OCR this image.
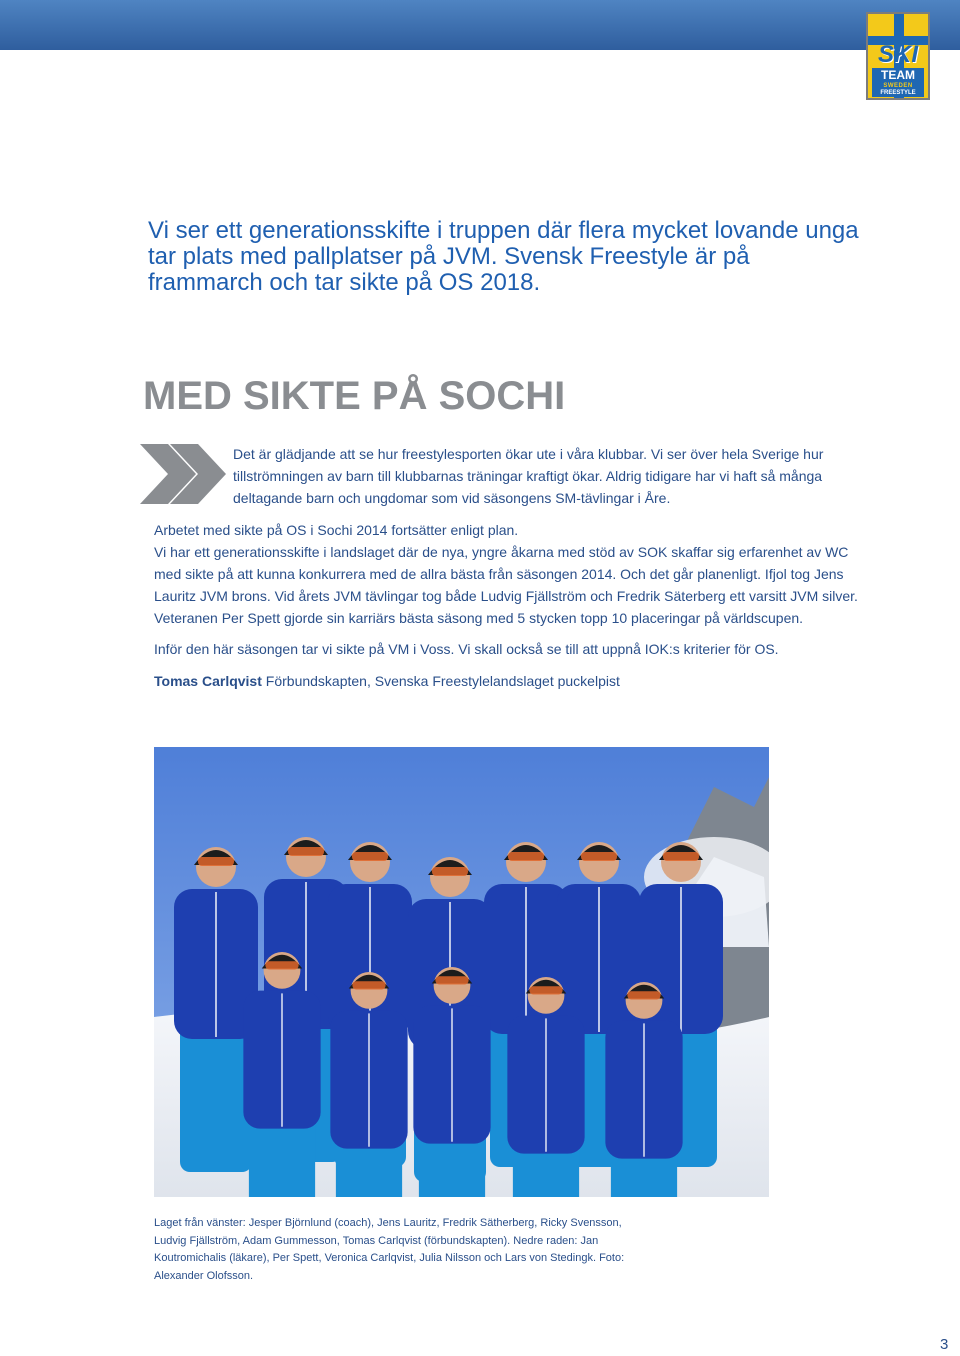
SKI
TEAM
SWEDEN
FREESTYLE

Vi ser ett generationsskifte i truppen där flera mycket lovande unga tar plats med pallplatser på JVM. Svensk Freestyle är på frammarch och tar sikte på OS 2018.

MED SIKTE PÅ SOCHI

Det är glädjande att se hur freestylesporten ökar ute i våra klubbar. Vi ser över hela Sverige hur tillströmningen av barn till klubbarnas träningar kraftigt ökar. Aldrig tidigare har vi haft så många deltagande barn och ungdomar som vid säsongens SM-tävlingar i Åre.

Arbetet med sikte på OS i Sochi 2014 fortsätter enligt plan.

Vi har ett generationsskifte i landslaget där de nya, yngre åkarna med stöd av SOK skaffar sig erfarenhet av WC med sikte på att kunna konkurrera med de allra bästa från säsongen 2014. Och det går planenligt. Ifjol tog Jens Lauritz JVM brons. Vid årets JVM tävlingar tog både Ludvig Fjällström och Fredrik Säterberg ett varsitt JVM silver. Veteranen Per Spett gjorde sin karriärs bästa säsong med 5 stycken topp 10 placeringar på världscupen.

Inför den här säsongen tar vi sikte på VM i Voss. Vi skall också se till att uppnå IOK:s kriterier för OS.

Tomas Carlqvist Förbundskapten, Svenska Freestylelandslaget puckelpist

Laget från vänster: Jesper Björnlund (coach), Jens Lauritz, Fredrik Sätherberg, Ricky Svensson, Ludvig Fjällström, Adam Gummesson, Tomas Carlqvist (förbundskapten). Nedre raden: Jan Koutromichalis (läkare), Per Spett, Veronica Carlqvist, Julia Nilsson och Lars von Stedingk. Foto: Alexander Olofsson.

3
